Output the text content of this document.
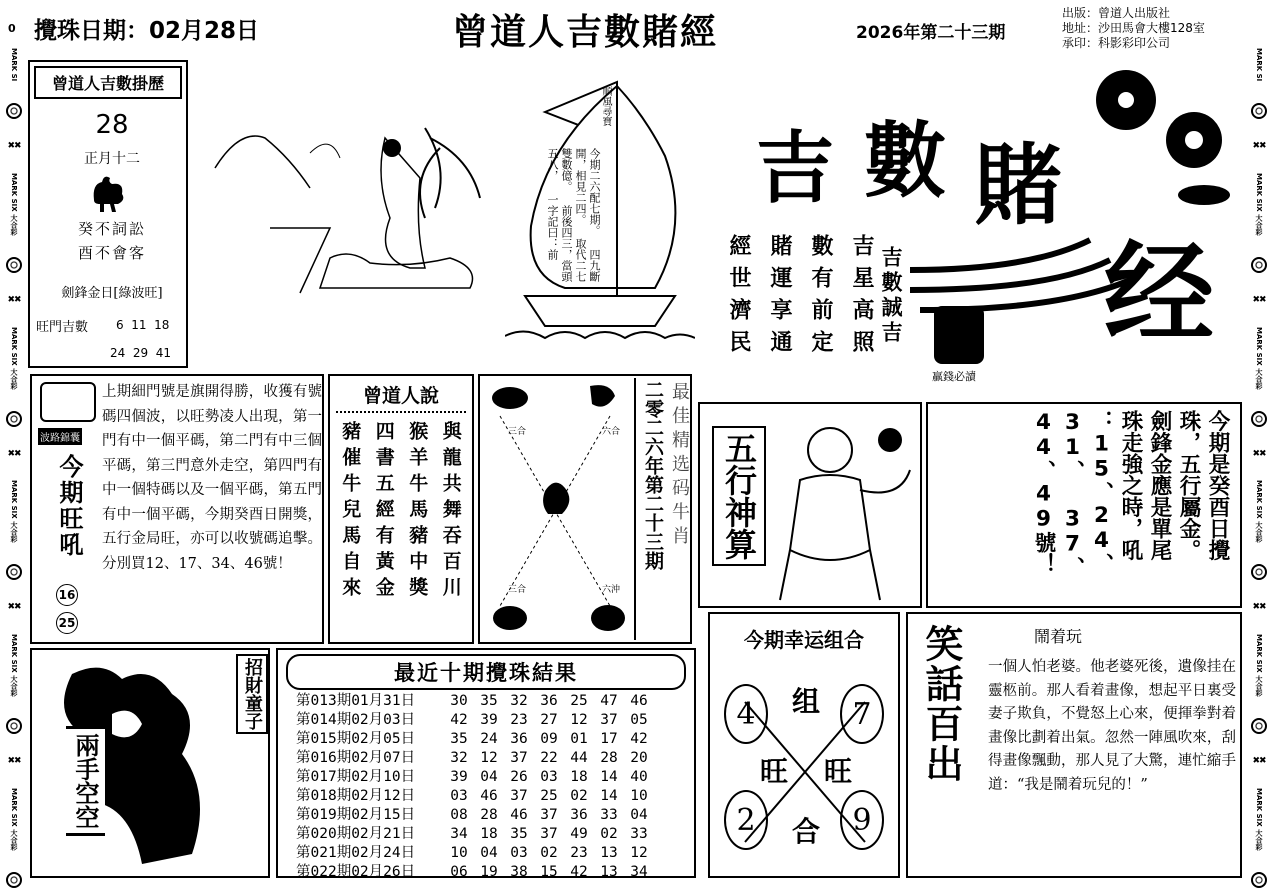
0 攪珠日期：02月28日	曾道人吉數賭經	2026年第二十三期
出版：曾道人出版社
地址：沙田馬會大樓128室
承印：科影彩印公司
MARK SI
✖✖
MARK SIX 大合彩
✖✖
MARK SIX 大合彩
✖✖
MARK SIX 大合彩
✖✖
MARK SIX 大合彩
✖✖
MARK SIX 大合彩
MARK SI
✖✖
MARK SIX 大合彩
✖✖
MARK SIX 大合彩
✖✖
MARK SIX 大合彩
✖✖
MARK SIX 大合彩
✖✖
MARK SIX 大合彩
曾道人吉數掛歷
28
正月十二
癸不詞訟
酉不會客
劍鋒金日[綠波旺]
旺門吉數 6  11  18
24  29  41
順風尋寶
今期二六配七期。 四九斷開，相見二四。 取代二七雙數億。 前後四三，當頭五八， 一字記曰：前
吉 數 賭
经
經世濟民 賭運享通 數有前定 吉星高照 吉數誠吉
贏錢必讀
波路錦囊
今期旺吼
16
25
上期細門號是旗開得勝，收獲有號碼四個波，以旺勢凌人出現，第一門有中一個平碼，第二門有中三個平碼，第三門意外走空，第四門有中一個特碼以及一個平碼，第五門有中一個平碼，今期癸酉日開獎，五行金局旺，亦可以收號碼追擊。分別買12、17、34、46號！
曾道人說
豬催牛兒馬自來 四書五經有黃金 猴羊牛馬豬中獎 與龍共舞吞百川	三合	六合
三合	六沖
二零二六年第二十三期 最佳精选码牛肖 五行神算	今期是癸酉日攪 珠，五行屬金。 劍鋒金應是單尾 珠走強之時，吼 ：15、24、31、 37、44、49號！
招財童子
兩手空空
最近十期攪珠結果
第013期01月31日	30 35 32 36 25 47 46
第014期02月03日	42 39 23 27 12 37 05
第015期02月05日	35 24 36 09 01 17 42
第016期02月07日	32 12 37 22 44 28 20
第017期02月10日	39 04 26 03 18 14 40
第018期02月12日	03 46 37 25 02 14 10
第019期02月15日	08 28 46 37 36 33 04
第020期02月21日	34 18 35 37 49 02 33
第021期02月24日	10 04 03 02 23 13 12
第022期02月26日	06 19 38 15 42 13 34
今期幸运组合
4	7
2	9
组
旺 旺
合
笑話百出	鬧着玩
一個人怕老婆。他老婆死後，遺像挂在靈柩前。那人看着畫像，想起平日裏受妻子欺負，不覺怒上心來，便揮拳對着畫像比劃着出氣。忽然一陣風吹來，刮得畫像飄動，那人見了大驚，連忙縮手道：“我是鬧着玩兒的！”
